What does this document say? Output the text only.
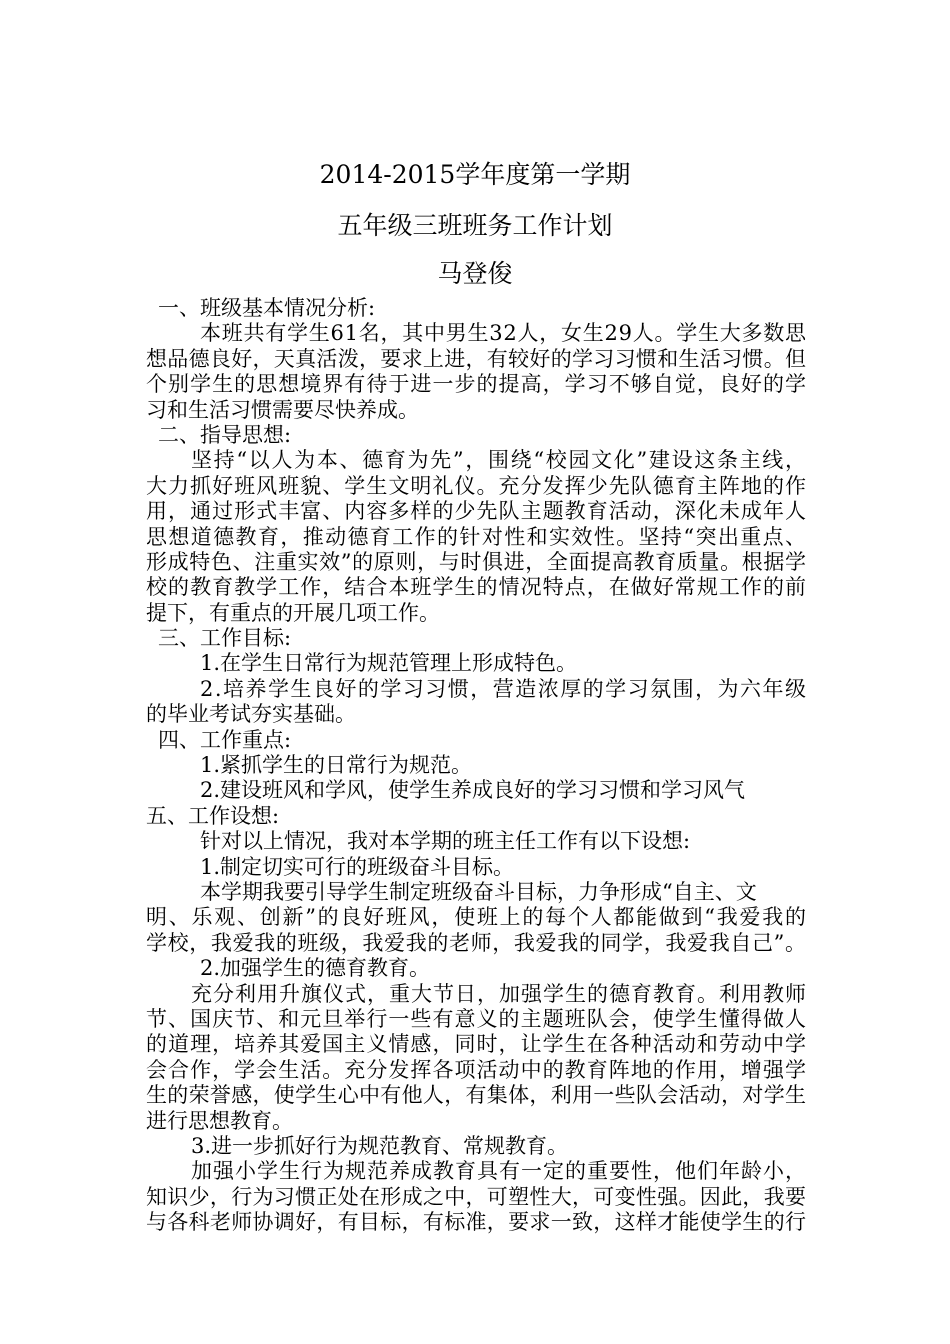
2014-2015学年度第一学期
五年级三班班务工作计划
马登俊
一、班级基本情况分析:
本班共有学生61名，其中男生32人，女生29人。学生大多数思
想品德良好，天真活泼，要求上进，有较好的学习习惯和生活习惯。但
个别学生的思想境界有待于进一步的提高，学习不够自觉，良好的学
习和生活习惯需要尽快养成。
二、指导思想:
坚持“以人为本、德育为先”，围绕“校园文化”建设这条主线，
大力抓好班风班貌、学生文明礼仪。充分发挥少先队德育主阵地的作
用，通过形式丰富、内容多样的少先队主题教育活动，深化未成年人
思想道德教育，推动德育工作的针对性和实效性。坚持“突出重点、
形成特色、注重实效”的原则，与时俱进，全面提高教育质量。根据学
校的教育教学工作，结合本班学生的情况特点，在做好常规工作的前
提下，有重点的开展几项工作。
三、工作目标:
1.在学生日常行为规范管理上形成特色。
2.培养学生良好的学习习惯，营造浓厚的学习氛围，为六年级
的毕业考试夯实基础。
四、工作重点:
1.紧抓学生的日常行为规范。
2.建设班风和学风，使学生养成良好的学习习惯和学习风气
五、工作设想:
针对以上情况，我对本学期的班主任工作有以下设想:
1.制定切实可行的班级奋斗目标。
本学期我要引导学生制定班级奋斗目标，力争形成“自主、文
明、乐观、创新”的良好班风，使班上的每个人都能做到“我爱我的
学校，我爱我的班级，我爱我的老师，我爱我的同学，我爱我自己”。
2.加强学生的德育教育。
充分利用升旗仪式，重大节日，加强学生的德育教育。利用教师
节、国庆节、和元旦举行一些有意义的主题班队会，使学生懂得做人
的道理，培养其爱国主义情感，同时，让学生在各种活动和劳动中学
会合作，学会生活。充分发挥各项活动中的教育阵地的作用，增强学
生的荣誉感，使学生心中有他人，有集体，利用一些队会活动，对学生
进行思想教育。
3.进一步抓好行为规范教育、常规教育。
加强小学生行为规范养成教育具有一定的重要性，他们年龄小，
知识少，行为习惯正处在形成之中，可塑性大，可变性强。因此，我要
与各科老师协调好，有目标，有标准，要求一致，这样才能使学生的行
